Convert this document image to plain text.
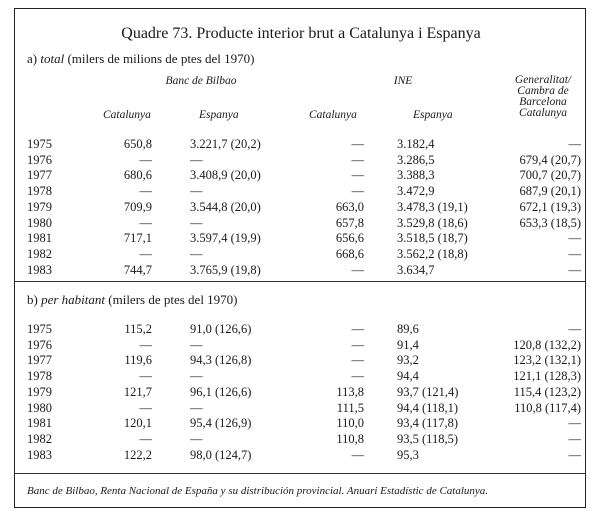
Quadre 73. Producte interior brut a Catalunya i Espanya
a) total (milers de milions de ptes del 1970)
Banc de Bilbao	INE	Generalitat/
Cambra de
Barcelona
Catalunya
Catalunya	Espanya	Catalunya	Espanya
1975	650,8	3.221,7 (20,2)	—	3.182,4	—
1976	—	—	—	3.286,5	679,4 (20,7)
1977	680,6	3.408,9 (20,0)	—	3.388,3	700,7 (20,7)
1978	—	—	—	3.472,9	687,9 (20,1)
1979	709,9	3.544,8 (20,0)	663,0	3.478,3 (19,1)	672,1 (19,3)
1980	—	—	657,8	3.529,8 (18,6)	653,3 (18,5)
1981	717,1	3.597,4 (19,9)	656,6	3.518,5 (18,7)	—
1982	—	—	668,6	3.562,2 (18,8)	—
1983	744,7	3.765,9 (19,8)	—	3.634,7	—
b) per habitant (milers de ptes del 1970)
1975	115,2	91,0 (126,6)	—	89,6	—
1976	—	—	—	91,4	120,8 (132,2)
1977	119,6	94,3 (126,8)	—	93,2	123,2 (132,1)
1978	—	—	—	94,4	121,1 (128,3)
1979	121,7	96,1 (126,6)	113,8	93,7 (121,4)	115,4 (123,2)
1980	—	—	111,5	94,4 (118,1)	110,8 (117,4)
1981	120,1	95,4 (126,9)	110,0	93,4 (117,8)	—
1982	—	—	110,8	93,5 (118,5)	—
1983	122,2	98,0 (124,7)	—	95,3	—
Banc de Bilbao, Renta Nacional de España y su distribución provincial. Anuari Estadístic de Catalunya.
